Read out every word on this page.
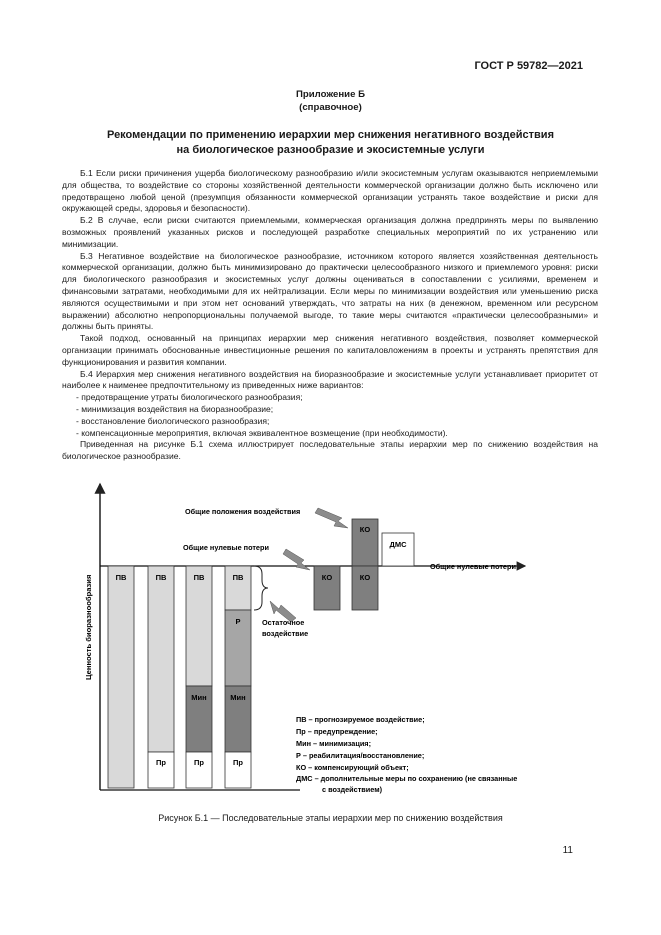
ГОСТ Р 59782—2021
Приложение Б
(справочное)
Рекомендации по применению иерархии мер снижения негативного воздействия
на биологическое разнообразие и экосистемные услуги

Б.1 Если риски причинения ущерба биологическому разнообразию и/или экосистемным услугам оказываются неприемлемыми для общества, то воздействие со стороны хозяйственной деятельности коммерческой организации должно быть исключено или предотвращено любой ценой (презумпция обязанности коммерческой организации устранять такое воздействие и риски для окружающей среды, здоровья и безопасности).

Б.2 В случае, если риски считаются приемлемыми, коммерческая организация должна предпринять меры по выявлению возможных проявлений указанных рисков и последующей разработке специальных мероприятий по их устранению или минимизации.

Б.3 Негативное воздействие на биологическое разнообразие, источником которого является хозяйственная деятельность коммерческой организации, должно быть минимизировано до практически целесообразного низкого и приемлемого уровня: риски для биологического разнообразия и экосистемных услуг должны оцениваться в сопоставлении с усилиями, временем и финансовыми затратами, необходимыми для их нейтрализации. Если меры по минимизации воздействия или уменьшению риска являются осуществимыми и при этом нет оснований утверждать, что затраты на них (в денежном, временном или ресурсном выражении) абсолютно непропорциональны получаемой выгоде, то такие меры считаются «практически целесообразными» и должны быть приняты.

Такой подход, основанный на принципах иерархии мер снижения негативного воздействия, позволяет коммерческой организации принимать обоснованные инвестиционные решения по капиталовложениям в проекты и устранять препятствия для функционирования и развития компании.

Б.4 Иерархия мер снижения негативного воздействия на биоразнообразие и экосистемные услуги устанавливает приоритет от наиболее к наименее предпочтительному из приведенных ниже вариантов:

- предотвращение утраты биологического разнообразия;

- минимизация воздействия на биоразнообразие;

- восстановление биологического разнообразия;

- компенсационные мероприятия, включая эквивалентное возмещение (при необходимости).

Приведенная на рисунке Б.1 схема иллюстрирует последовательные этапы иерархии мер по снижению воздействия на биологическое разнообразие.

Ценность биоразнообразия	ПВ	ПВ
Пр
ПВ
Мин
Пр
ПВ
Р
Мин
Пр
КО
КО
КО
ДМС
Общие положения воздействия
Общие нулевые потери
Общие нулевые потери
Остаточное
воздействие
ПВ – прогнозируемое воздействие;
Пр – предупреждение;
Мин – минимизация;
Р – реабилитация/восстановление;
КО – компенсирующий объект;
ДМС – дополнительные меры по сохранению (не связанные
с воздействием)
Рисунок Б.1 — Последовательные этапы иерархии мер по снижению воздействия
11
